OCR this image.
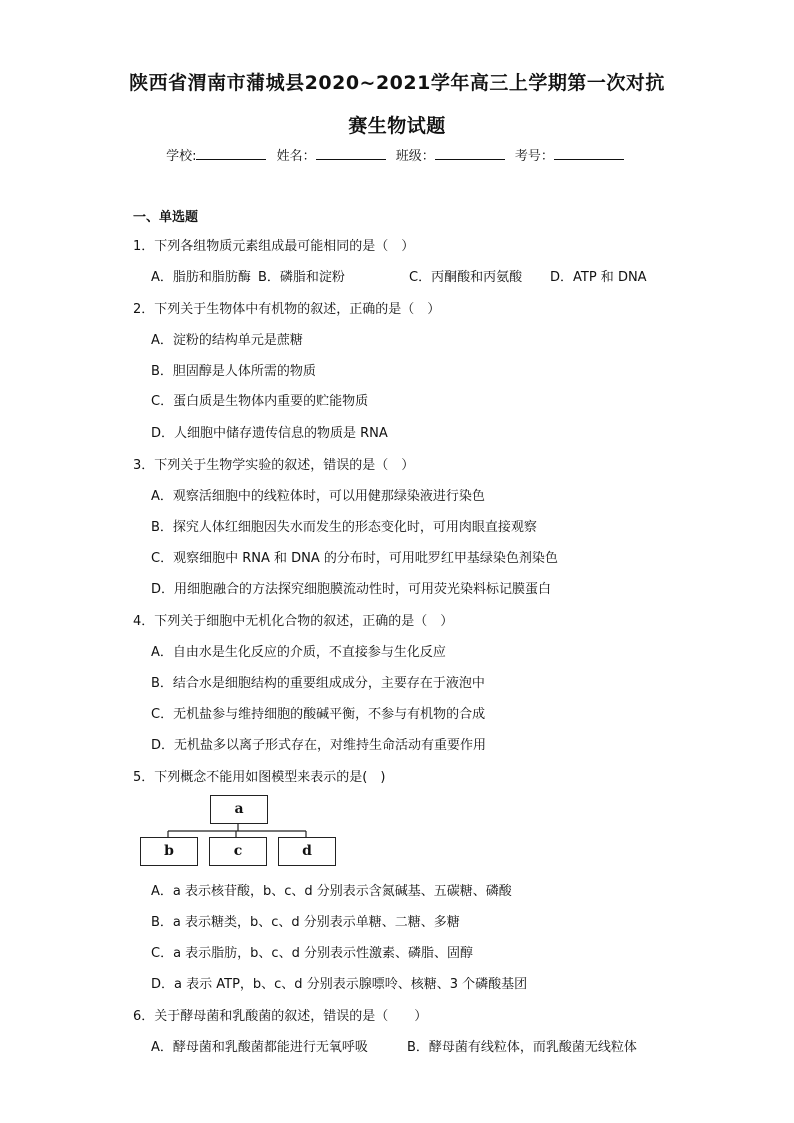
陕西省渭南市蒲城县2020~2021学年高三上学期第一次对抗
赛生物试题
学校:	姓名：	班级：	考号：
一、单选题
1．下列各组物质元素组成最可能相同的是（　）
A．脂肪和脂肪酶 B．磷脂和淀粉	C．丙酮酸和丙氨酸 D．ATP 和 DNA
2．下列关于生物体中有机物的叙述，正确的是（　）
A．淀粉的结构单元是蔗糖
B．胆固醇是人体所需的物质
C．蛋白质是生物体内重要的贮能物质
D．人细胞中储存遗传信息的物质是 RNA
3．下列关于生物学实验的叙述，错误的是（　）
A．观察活细胞中的线粒体时，可以用健那绿染液进行染色
B．探究人体红细胞因失水而发生的形态变化时，可用肉眼直接观察
C．观察细胞中 RNA 和 DNA 的分布时，可用吡罗红甲基绿染色剂染色
D．用细胞融合的方法探究细胞膜流动性时，可用荧光染料标记膜蛋白
4．下列关于细胞中无机化合物的叙述，正确的是（　）
A．自由水是生化反应的介质，不直接参与生化反应
B．结合水是细胞结构的重要组成成分，主要存在于液泡中
C．无机盐参与维持细胞的酸碱平衡，不参与有机物的合成
D．无机盐多以离子形式存在，对维持生命活动有重要作用
5．下列概念不能用如图模型来表示的是(　)
a
b	c	d
A．a 表示核苷酸，b、c、d 分别表示含氮碱基、五碳糖、磷酸
B．a 表示糖类，b、c、d 分别表示单糖、二糖、多糖
C．a 表示脂肪，b、c、d 分别表示性激素、磷脂、固醇
D．a 表示 ATP，b、c、d 分别表示腺嘌呤、核糖、3 个磷酸基团
6．关于酵母菌和乳酸菌的叙述，错误的是（　　）
A．酵母菌和乳酸菌都能进行无氧呼吸	B．酵母菌有线粒体，而乳酸菌无线粒体
